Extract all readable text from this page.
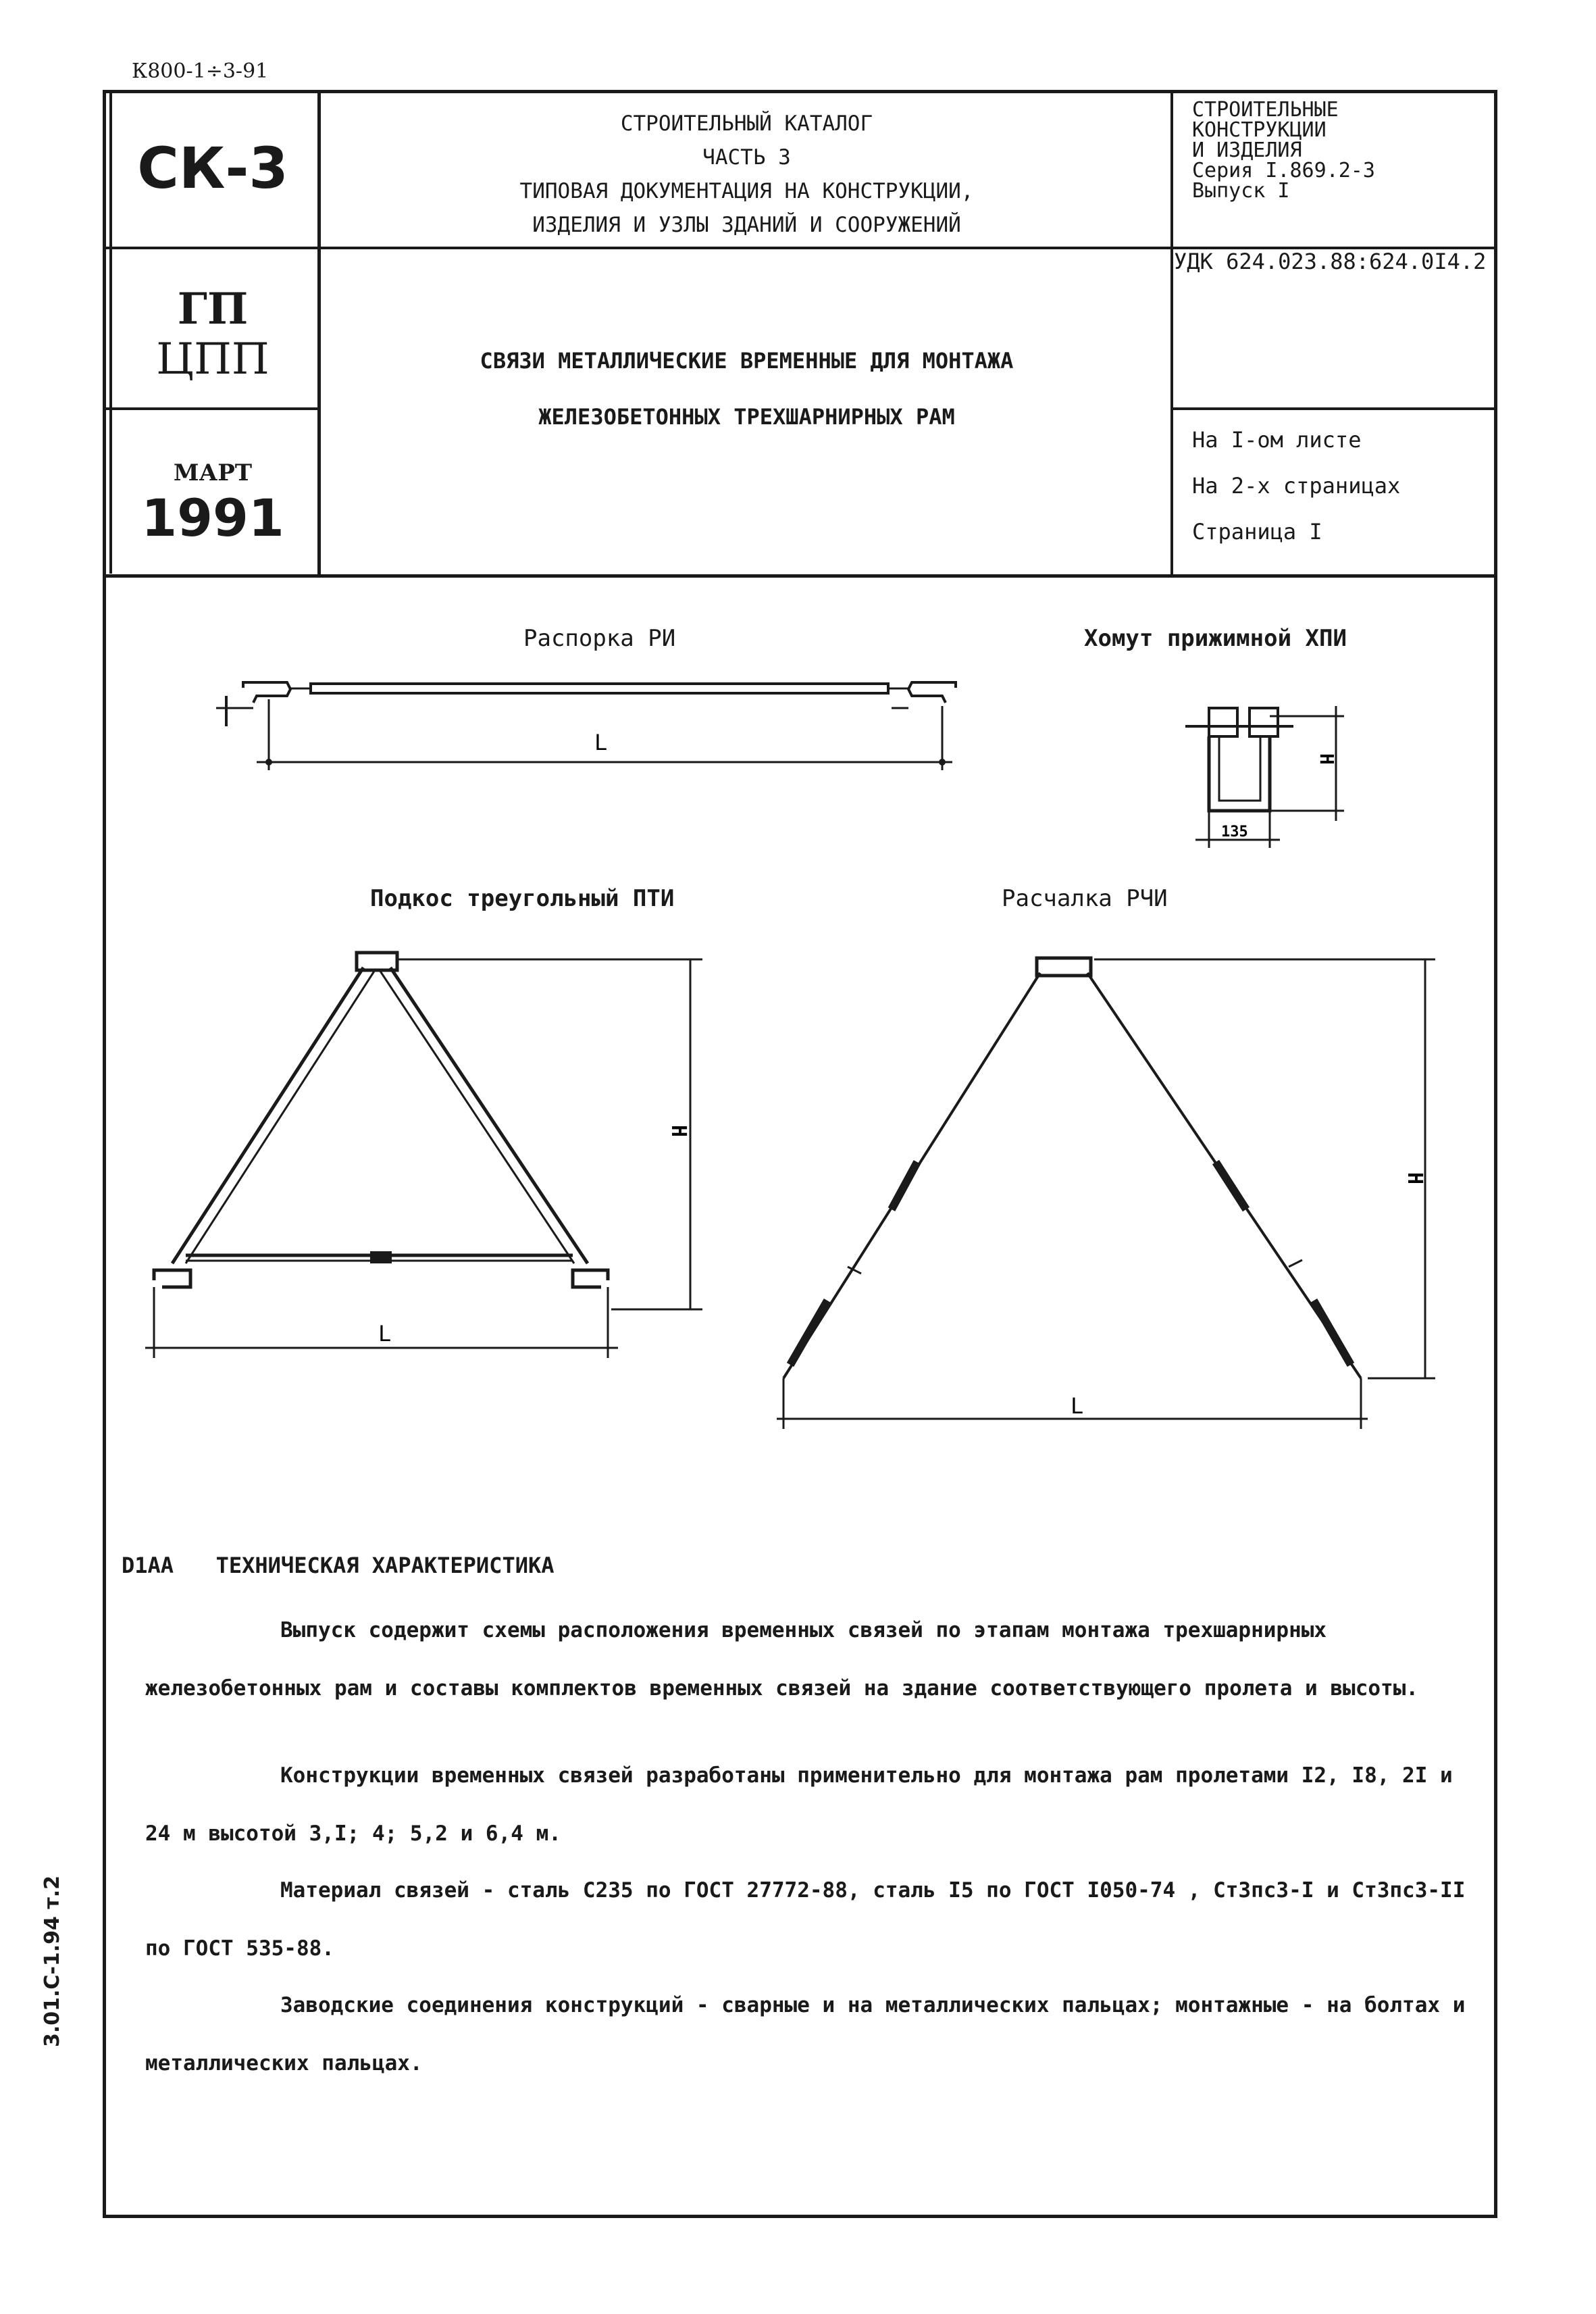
К800-1÷3-91
3.01.С-1.94 т.2
СК-3
ГП
ЦПП
МАРТ
1991
СТРОИТЕЛЬНЫЙ КАТАЛОГ
ЧАСТЬ 3
ТИПОВАЯ ДОКУМЕНТАЦИЯ НА КОНСТРУКЦИИ,
ИЗДЕЛИЯ И УЗЛЫ ЗДАНИЙ И СООРУЖЕНИЙ
СТРОИТЕЛЬНЫЕ
КОНСТРУКЦИИ
И ИЗДЕЛИЯ
Серия I.869.2-3
Выпуск I
УДК 624.023.88:624.0I4.2
СВЯЗИ МЕТАЛЛИЧЕСКИЕ ВРЕМЕННЫЕ ДЛЯ МОНТАЖА
ЖЕЛЕЗОБЕТОННЫХ ТРЕХШАРНИРНЫХ РАМ
На I-ом листе
На 2-х страницах
Страница I
Распорка РИ	Хомут прижимной ХПИ
Подкос треугольный ПТИ	Расчалка РЧИ
L
H
135
H
L
H
L
D1AA ТЕХНИЧЕСКАЯ ХАРАКТЕРИСТИКА
Выпуск содержит схемы расположения временных связей по этапам монтажа трехшарнирных железобетонных рам и составы комплектов временных связей на здание соответствующего пролета и высоты.
Конструкции временных связей разработаны применительно для монтажа рам пролетами I2, I8, 2I и 24 м высотой 3,I; 4; 5,2 и 6,4 м.
Материал связей - сталь С235 по ГОСТ 27772-88, сталь I5 по ГОСТ I050-74 , Ст3пс3-I и Ст3пс3-II по ГОСТ 535-88.
Заводские соединения конструкций - сварные и на металлических пальцах; монтажные - на болтах и металлических пальцах.
